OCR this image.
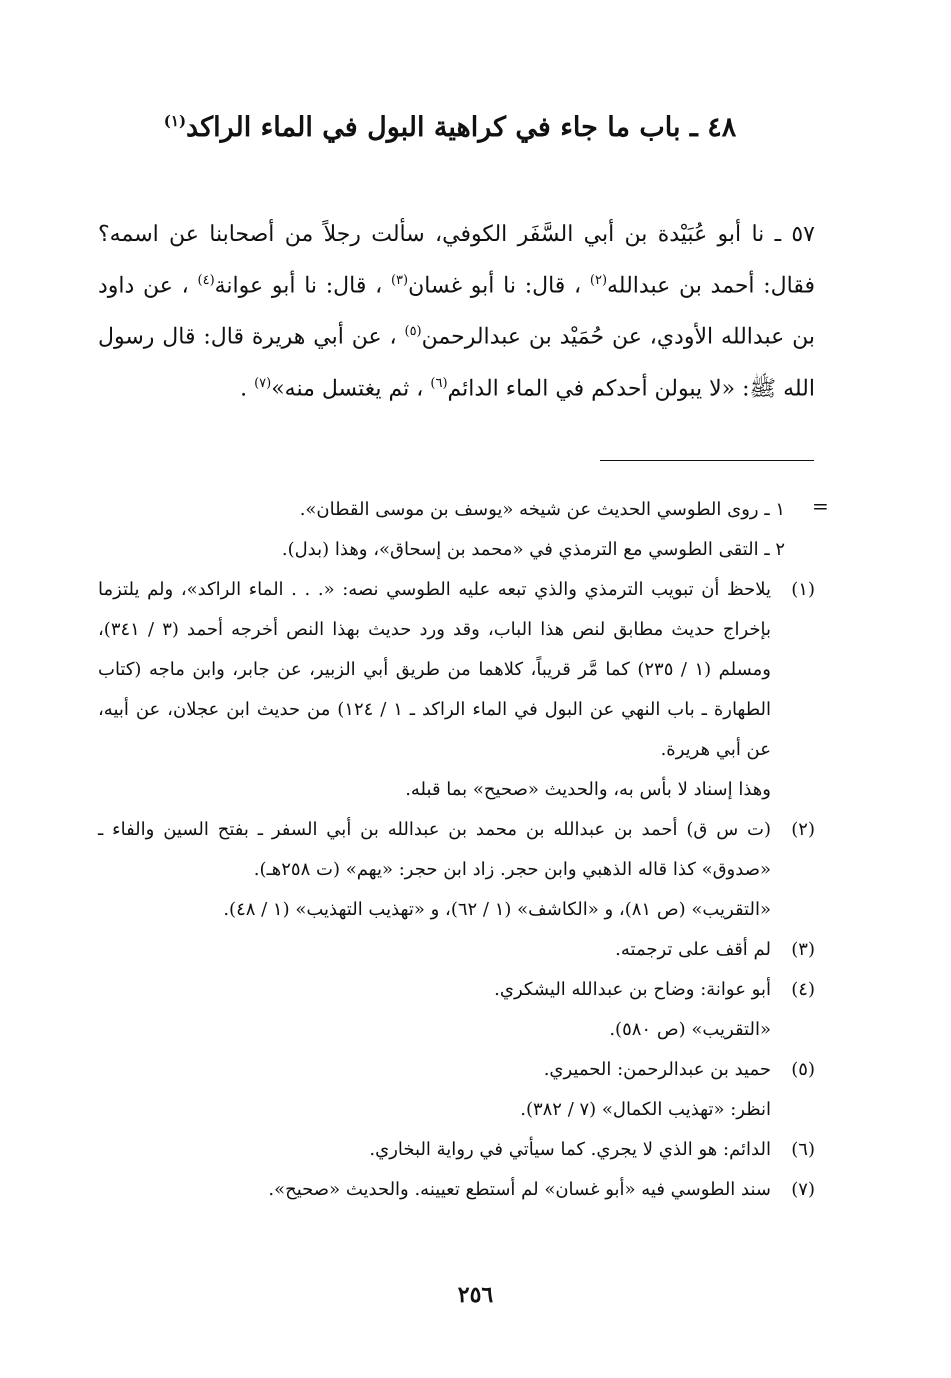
٤٨ ـ باب ما جاء في كراهية البول في الماء الراكد$^{(١)}$
٥٧ ـ نا أبو عُبَيْدة بن أبي السَّفَر الكوفي، سألت رجلاً من أصحابنا عن اسمه؟ فقال: أحمد بن عبدالله$^{(٢)}$ ، قال: نا أبو غسان$^{(٣)}$ ، قال: نا أبو عوانة$^{(٤)}$ ، عن داود بن عبدالله الأودي، عن حُمَيْد بن عبدالرحمن$^{(٥)}$ ، عن أبي هريرة قال: قال رسول الله ﷺ: «لا يبولن أحدكم في الماء الدائم$^{(٦)}$ ، ثم يغتسل منه»$^{(٧)}$ .
=
١ ـ روى الطوسي الحديث عن شيخه «يوسف بن موسى القطان».
٢ ـ التقى الطوسي مع الترمذي في «محمد بن إسحاق»، وهذا (بدل).
(١)
يلاحظ أن تبويب الترمذي والذي تبعه عليه الطوسي نصه: «. . . الماء الراكد»، ولم يلتزما بإخراج حديث مطابق لنص هذا الباب، وقد ورد حديث بهذا النص أخرجه أحمد (٣ / ٣٤١)، ومسلم (١ / ٢٣٥) كما مَّر قريباً، كلاهما من طريق أبي الزبير، عن جابر، وابن ماجه (كتاب الطهارة ـ باب النهي عن البول في الماء الراكد ـ ١ / ١٢٤) من حديث ابن عجلان، عن أبيه، عن أبي هريرة.
وهذا إسناد لا بأس به، والحديث «صحيح» بما قبله.
(٢)
(ت س ق) أحمد بن عبدالله بن محمد بن عبدالله بن أبي السفر ـ بفتح السين والفاء ـ «صدوق» كذا قاله الذهبي وابن حجر. زاد ابن حجر: «يهم» (ت ٢٥٨هـ).
«التقريب» (ص ٨١)، و «الكاشف» (١ / ٦٢)، و «تهذيب التهذيب» (١ / ٤٨).
(٣)
لم أقف على ترجمته.
(٤)
أبو عوانة: وضاح بن عبدالله اليشكري.
«التقريب» (ص ٥٨٠).
(٥)
حميد بن عبدالرحمن: الحميري.
انظر: «تهذيب الكمال» (٧ / ٣٨٢).
(٦)
الدائم: هو الذي لا يجري. كما سيأتي في رواية البخاري.
(٧)
سند الطوسي فيه «أبو غسان» لم أستطع تعيينه. والحديث «صحيح».
٢٥٦
